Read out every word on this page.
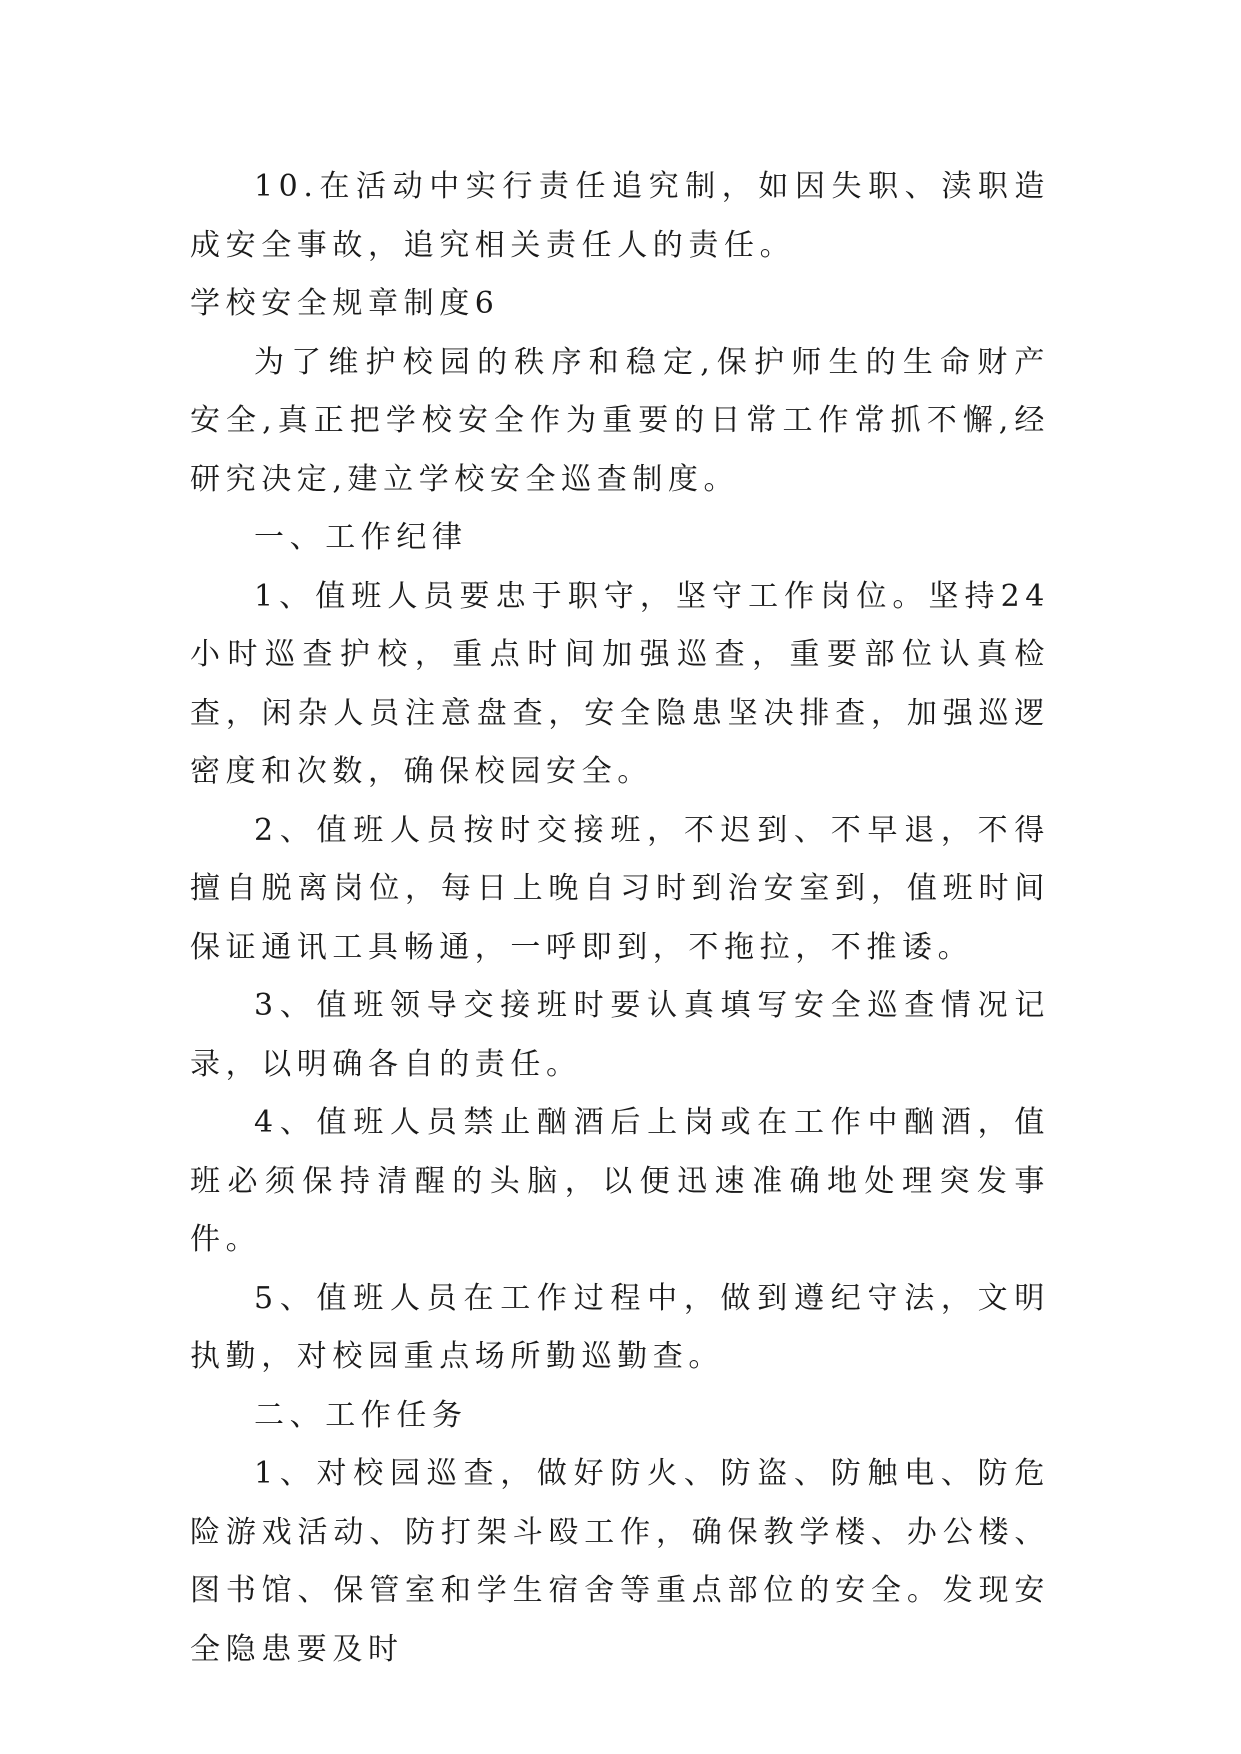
10.在活动中实行责任追究制，如因失职、渎职造成安全事故，追究相关责任人的责任。

学校安全规章制度6

为了维护校园的秩序和稳定,保护师生的生命财产安全,真正把学校安全作为重要的日常工作常抓不懈,经研究决定,建立学校安全巡查制度。

一、工作纪律

1、值班人员要忠于职守，坚守工作岗位。坚持24小时巡查护校，重点时间加强巡查，重要部位认真检查，闲杂人员注意盘查，安全隐患坚决排查，加强巡逻密度和次数，确保校园安全。

2、值班人员按时交接班，不迟到、不早退，不得擅自脱离岗位，每日上晚自习时到治安室到，值班时间保证通讯工具畅通，一呼即到，不拖拉，不推诿。

3、值班领导交接班时要认真填写安全巡查情况记录，以明确各自的责任。

4、值班人员禁止酗酒后上岗或在工作中酗酒，值班必须保持清醒的头脑，以便迅速准确地处理突发事件。

5、值班人员在工作过程中，做到遵纪守法，文明执勤，对校园重点场所勤巡勤查。

二、工作任务

1、对校园巡查，做好防火、防盗、防触电、防危险游戏活动、防打架斗殴工作，确保教学楼、办公楼、图书馆、保管室和学生宿舍等重点部位的安全。发现安全隐患要及时
